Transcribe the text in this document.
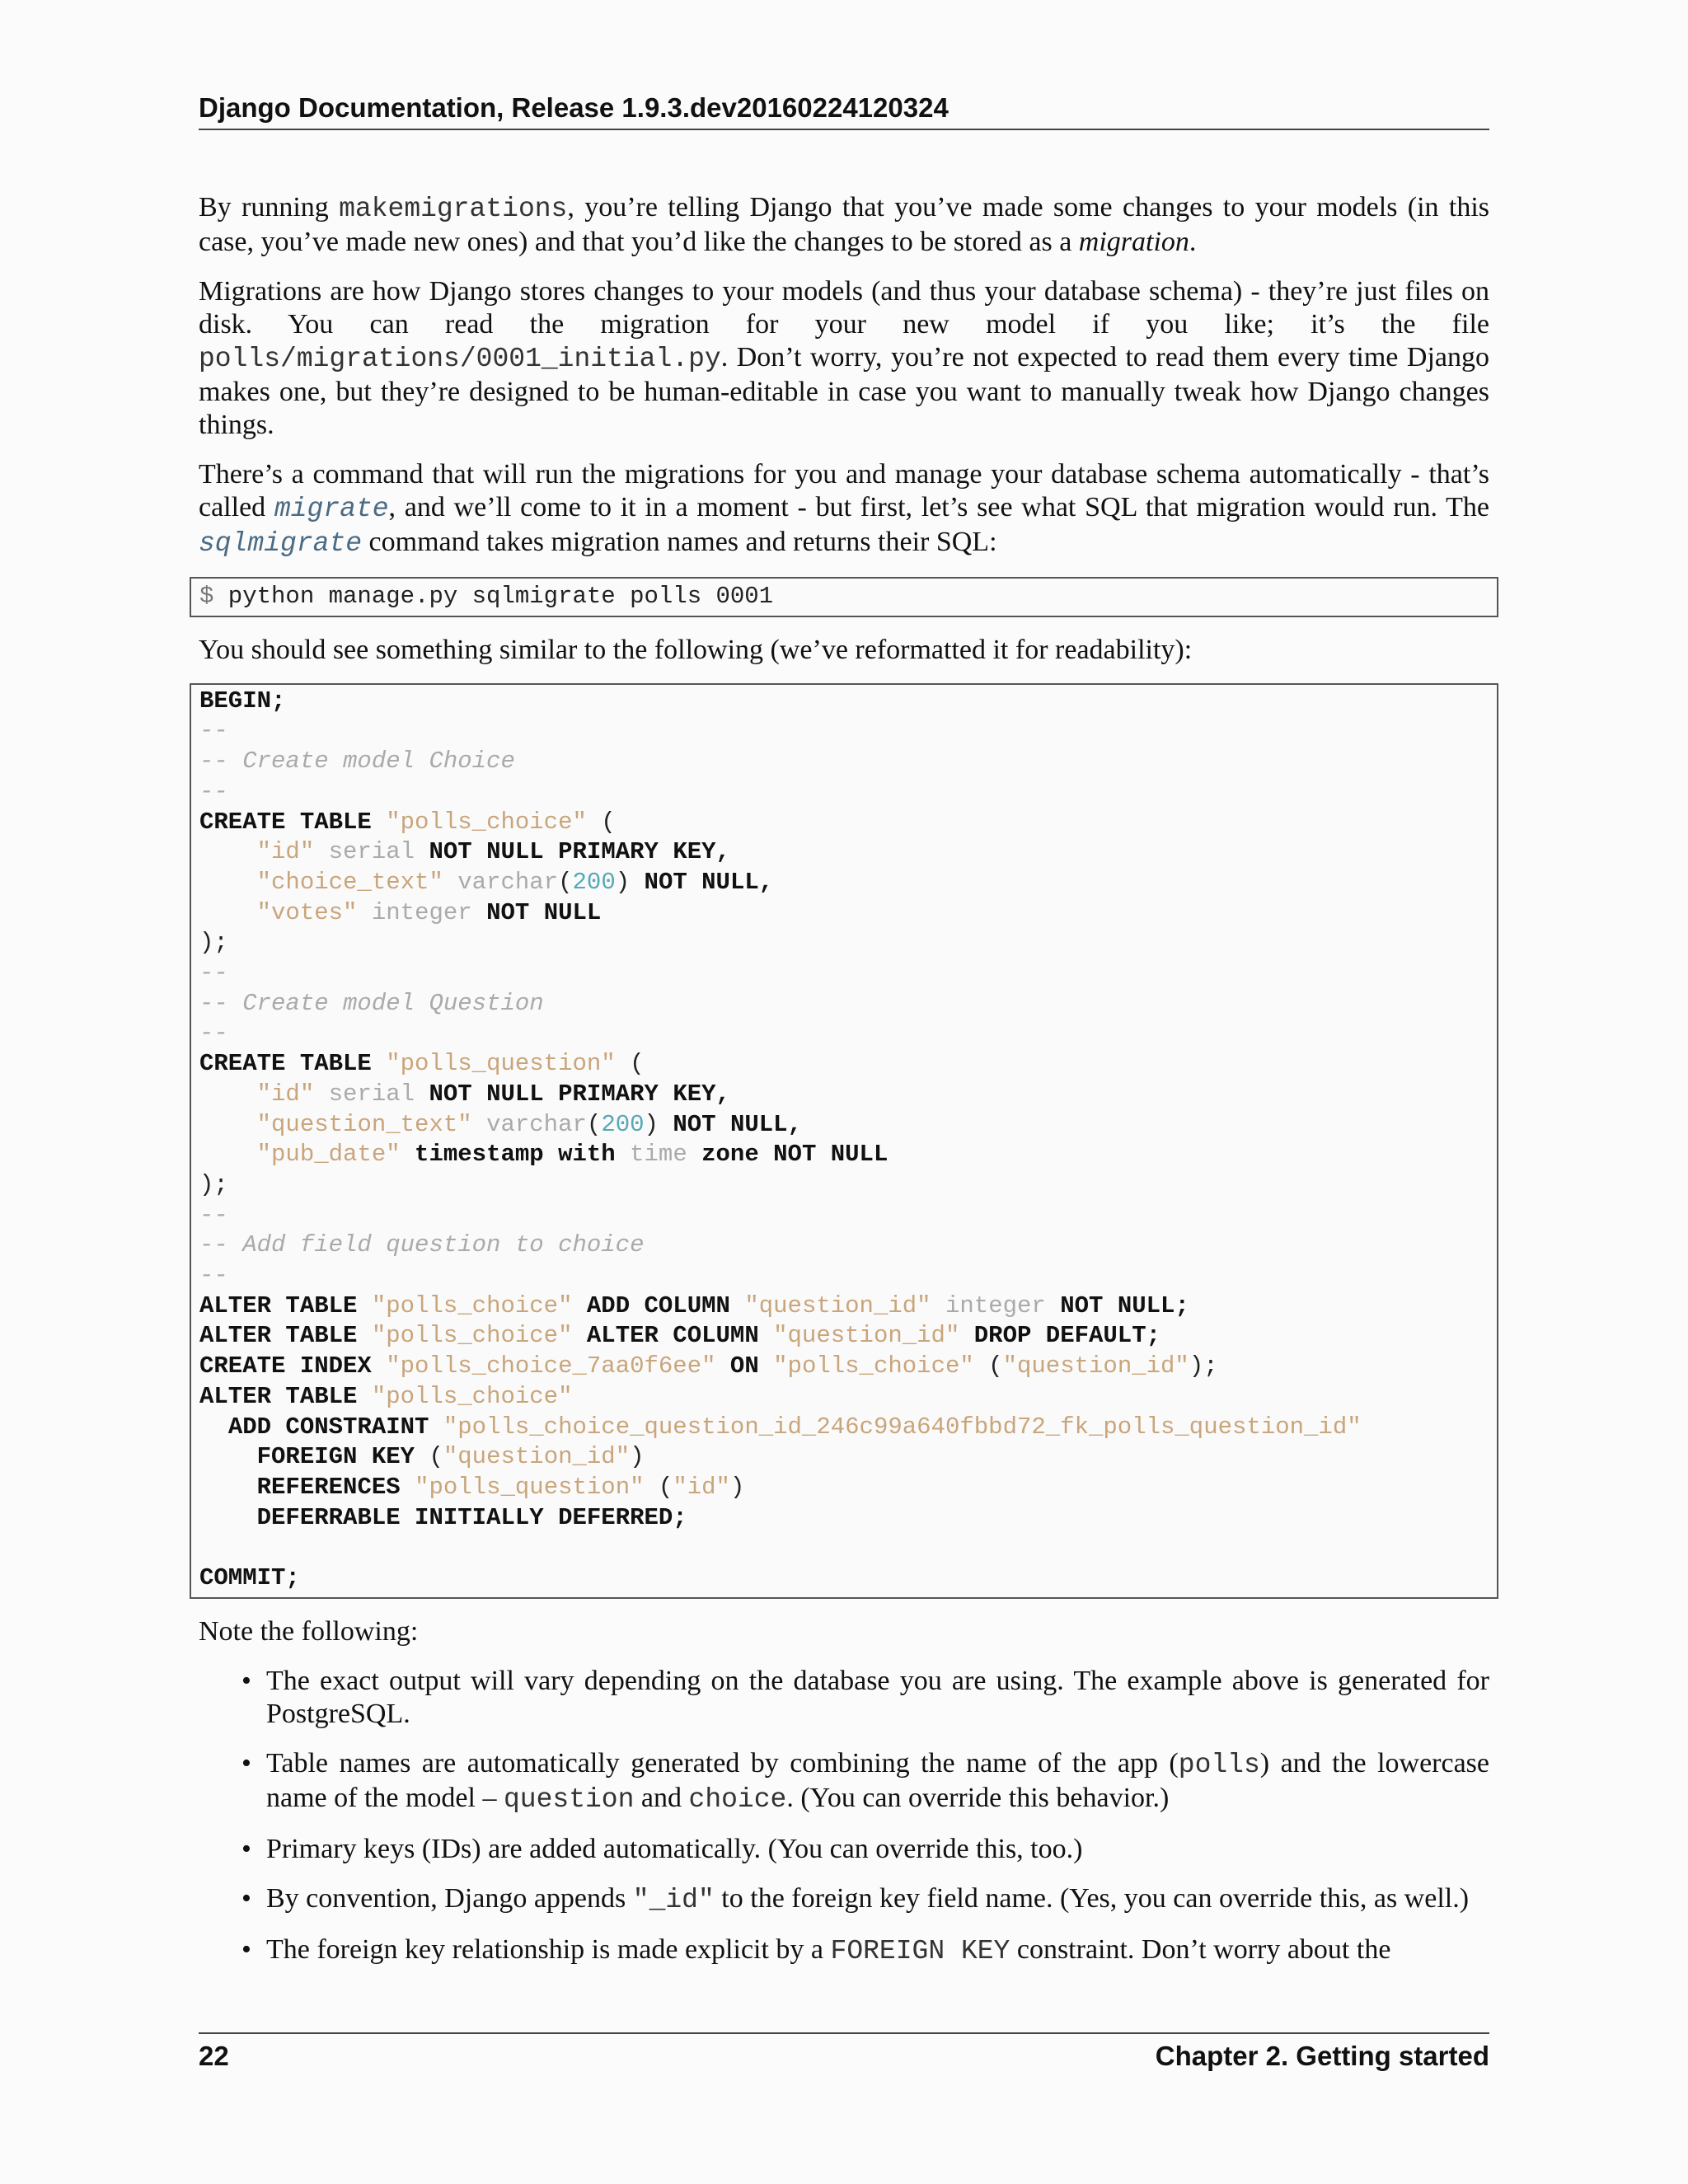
Django Documentation, Release 1.9.3.dev20160224120324

By running makemigrations, you’re telling Django that you’ve made some changes to your models (in this case, you’ve made new ones) and that you’d like the changes to be stored as a migration.

Migrations are how Django stores changes to your models (and thus your database schema) - they’re just files on disk. You can read the migration for your new model if you like; it’s the file polls/migrations/0001_initial.py. Don’t worry, you’re not expected to read them every time Django makes one, but they’re designed to be human-editable in case you want to manually tweak how Django changes things.

There’s a command that will run the migrations for you and manage your database schema automatically - that’s called migrate, and we’ll come to it in a moment - but first, let’s see what SQL that migration would run. The sqlmigrate command takes migration names and returns their SQL:

$ python manage.py sqlmigrate polls 0001

You should see something similar to the following (we’ve reformatted it for readability):

BEGIN;
--
-- Create model Choice
--
CREATE TABLE "polls_choice" (
"id" serial NOT NULL PRIMARY KEY,
"choice_text" varchar(200) NOT NULL,
"votes" integer NOT NULL
);
--
-- Create model Question
--
CREATE TABLE "polls_question" (
"id" serial NOT NULL PRIMARY KEY,
"question_text" varchar(200) NOT NULL,
"pub_date" timestamp with time zone NOT NULL
);
--
-- Add field question to choice
--
ALTER TABLE "polls_choice" ADD COLUMN "question_id" integer NOT NULL;
ALTER TABLE "polls_choice" ALTER COLUMN "question_id" DROP DEFAULT;
CREATE INDEX "polls_choice_7aa0f6ee" ON "polls_choice" ("question_id");
ALTER TABLE "polls_choice"
ADD CONSTRAINT "polls_choice_question_id_246c99a640fbbd72_fk_polls_question_id"
FOREIGN KEY ("question_id")
REFERENCES "polls_question" ("id")
DEFERRABLE INITIALLY DEFERRED;

COMMIT;

Note the following:

• The exact output will vary depending on the database you are using. The example above is generated for PostgreSQL.
• Table names are automatically generated by combining the name of the app (polls) and the lowercase name of the model – question and choice. (You can override this behavior.)
• Primary keys (IDs) are added automatically. (You can override this, too.)
• By convention, Django appends "_id" to the foreign key field name. (Yes, you can override this, as well.)
• The foreign key relationship is made explicit by a FOREIGN KEY constraint. Don’t worry about the
22	Chapter 2. Getting started
